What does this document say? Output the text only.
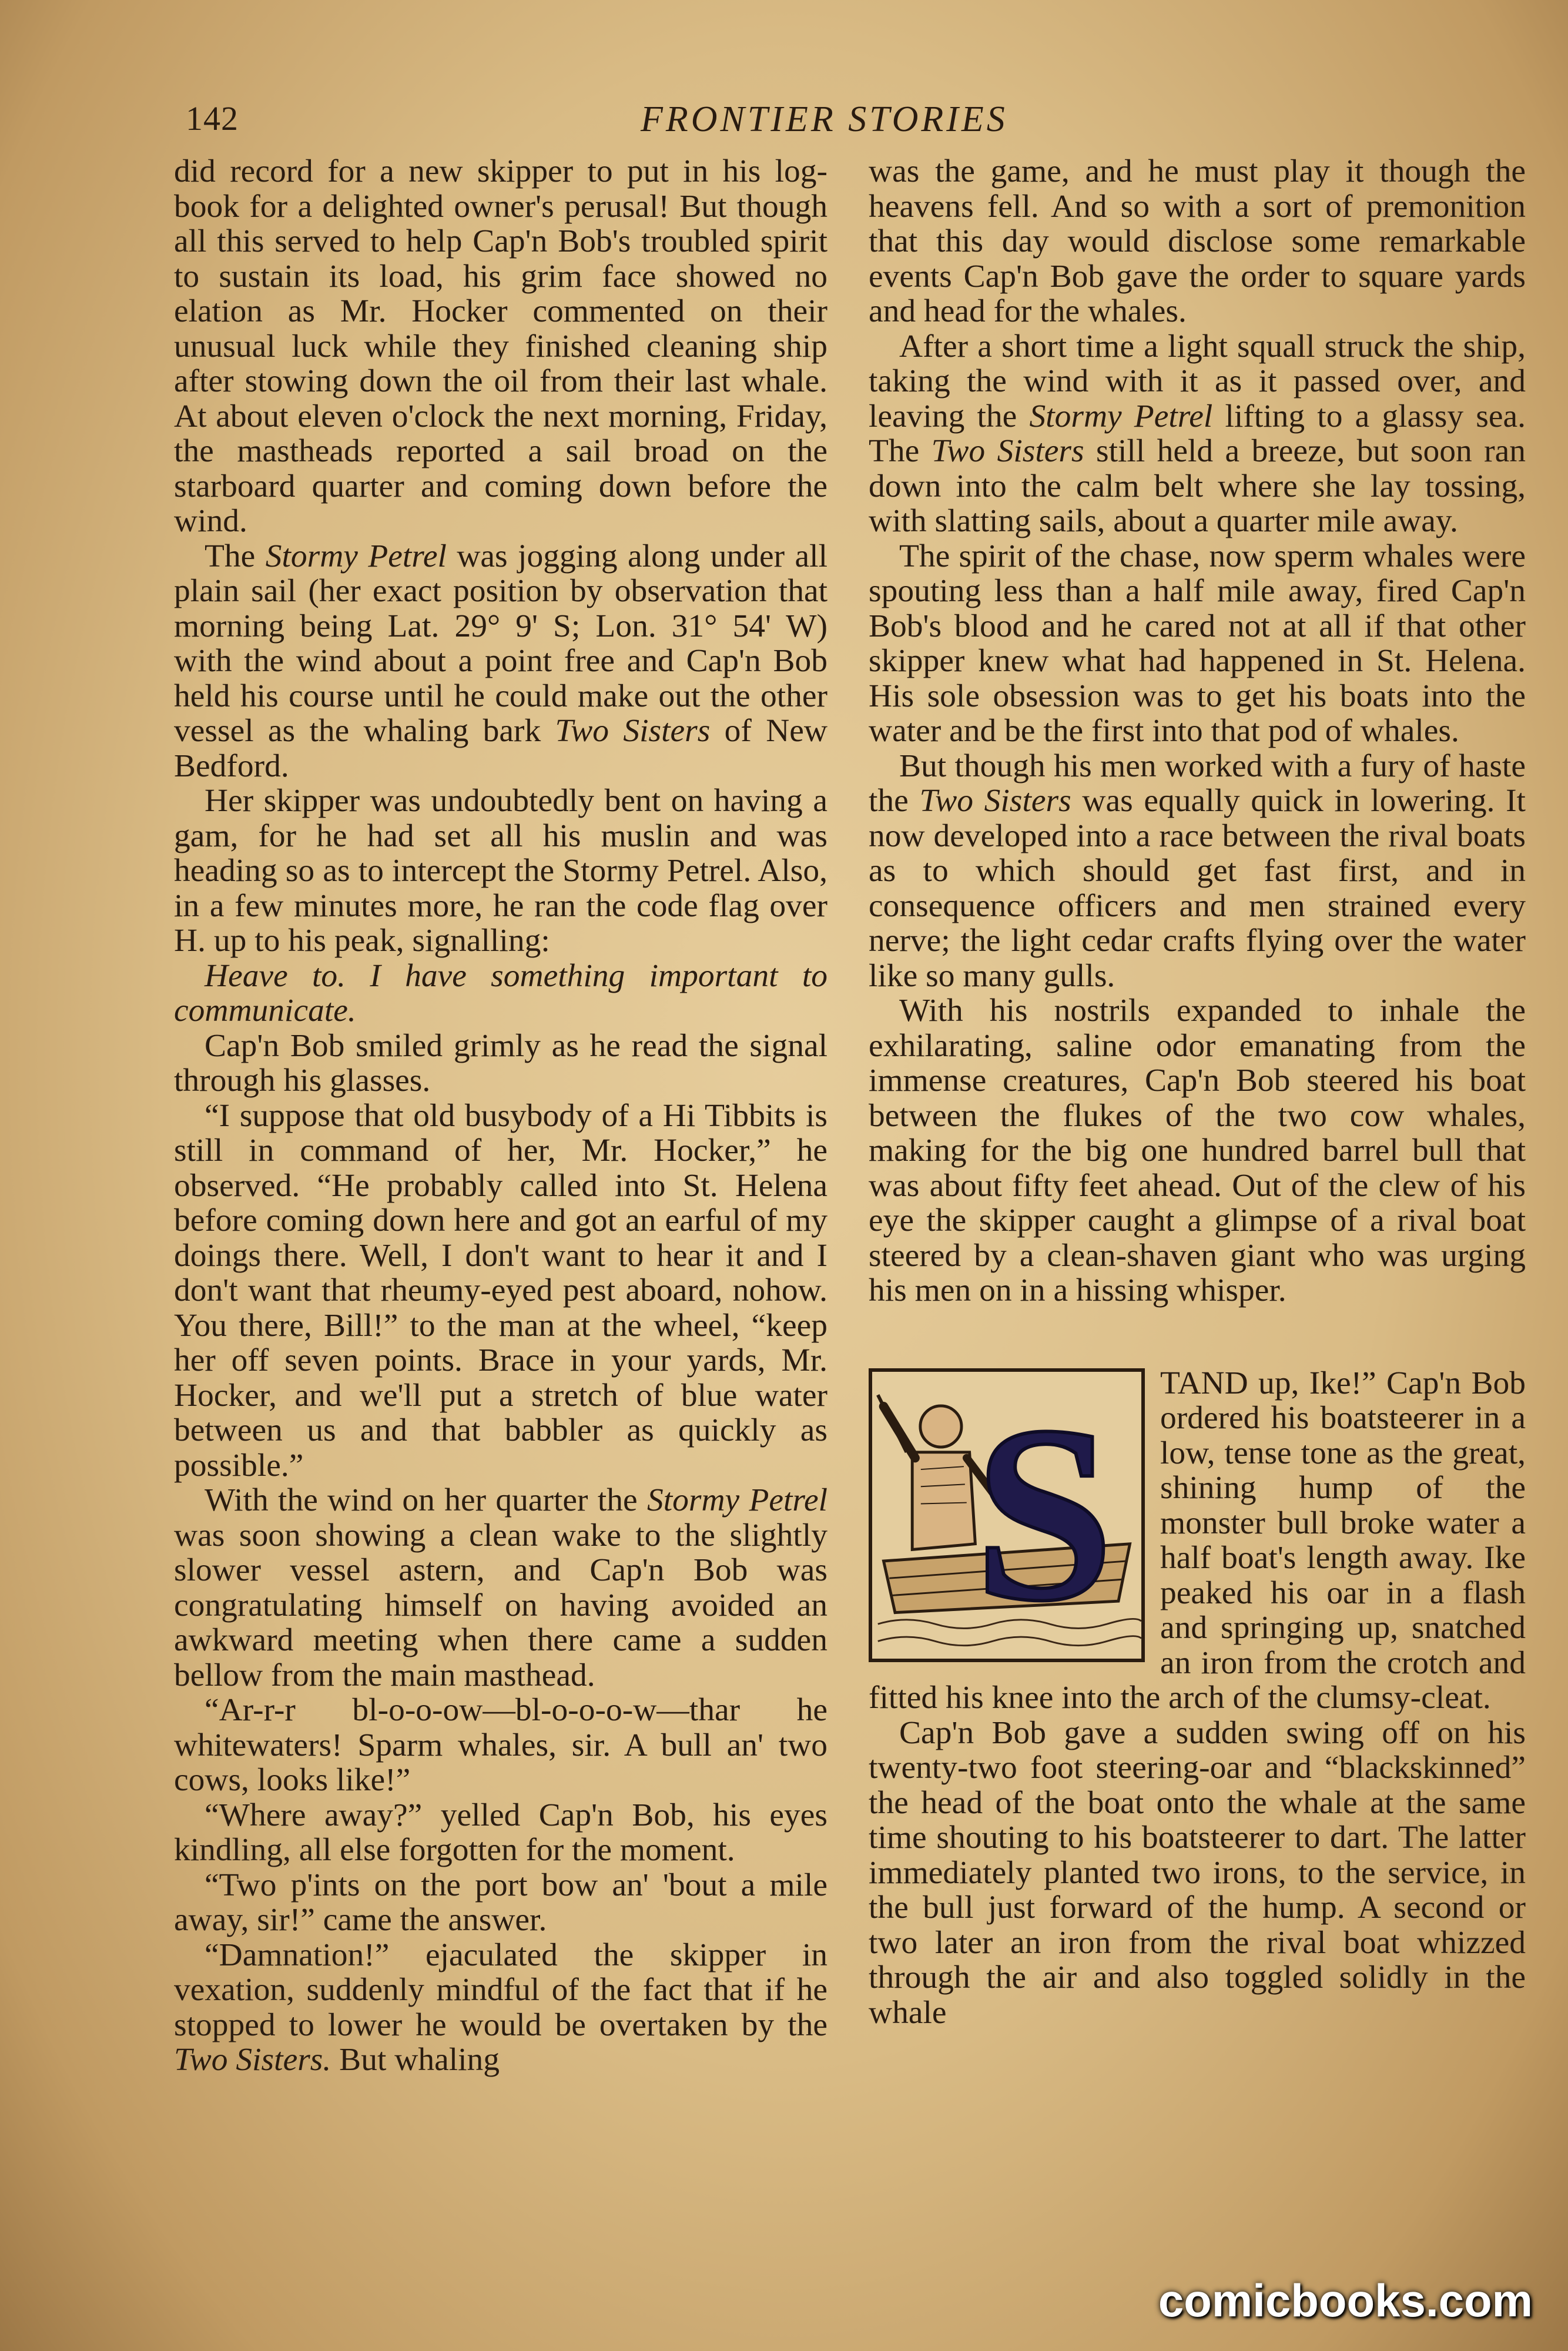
142	FRONTIER STORIES

did record for a new skipper to put in his log-book for a delighted owner's perusal! But though all this served to help Cap'n Bob's troubled spirit to sustain its load, his grim face showed no elation as Mr. Hocker commented on their unusual luck while they finished cleaning ship after stowing down the oil from their last whale. At about eleven o'clock the next morning, Friday, the mastheads reported a sail broad on the starboard quarter and coming down before the wind.

The Stormy Petrel was jogging along under all plain sail (her exact position by observation that morning being Lat. 29° 9' S; Lon. 31° 54' W) with the wind about a point free and Cap'n Bob held his course until he could make out the other vessel as the whaling bark Two Sisters of New Bedford.

Her skipper was undoubtedly bent on having a gam, for he had set all his muslin and was heading so as to intercept the Stormy Petrel. Also, in a few minutes more, he ran the code flag over H. up to his peak, signalling:

Heave to. I have something important to communicate.

Cap'n Bob smiled grimly as he read the signal through his glasses.

“I suppose that old busybody of a Hi Tibbits is still in command of her, Mr. Hocker,” he observed. “He probably called into St. Helena before coming down here and got an earful of my doings there. Well, I don't want to hear it and I don't want that rheumy-eyed pest aboard, nohow. You there, Bill!” to the man at the wheel, “keep her off seven points. Brace in your yards, Mr. Hocker, and we'll put a stretch of blue water between us and that babbler as quickly as possible.”

With the wind on her quarter the Stormy Petrel was soon showing a clean wake to the slightly slower vessel astern, and Cap'n Bob was congratulating himself on having avoided an awkward meeting when there came a sudden bellow from the main masthead.

“Ar-r-r bl-o-o-ow—bl-o-o-o-w—thar he whitewaters! Sparm whales, sir. A bull an' two cows, looks like!”

“Where away?” yelled Cap'n Bob, his eyes kindling, all else forgotten for the moment.

“Two p'ints on the port bow an' 'bout a mile away, sir!” came the answer.

“Damnation!” ejaculated the skipper in vexation, suddenly mindful of the fact that if he stopped to lower he would be overtaken by the Two Sisters. But whaling

was the game, and he must play it though the heavens fell. And so with a sort of premonition that this day would disclose some remarkable events Cap'n Bob gave the order to square yards and head for the whales.

After a short time a light squall struck the ship, taking the wind with it as it passed over, and leaving the Stormy Petrel lifting to a glassy sea. The Two Sisters still held a breeze, but soon ran down into the calm belt where she lay tossing, with slatting sails, about a quarter mile away.

The spirit of the chase, now sperm whales were spouting less than a half mile away, fired Cap'n Bob's blood and he cared not at all if that other skipper knew what had happened in St. Helena. His sole obsession was to get his boats into the water and be the first into that pod of whales.

But though his men worked with a fury of haste the Two Sisters was equally quick in lowering. It now developed into a race between the rival boats as to which should get fast first, and in consequence officers and men strained every nerve; the light cedar crafts flying over the water like so many gulls.

With his nostrils expanded to inhale the exhilarating, saline odor emanating from the immense creatures, Cap'n Bob steered his boat between the flukes of the two cow whales, making for the big one hundred barrel bull that was about fifty feet ahead. Out of the clew of his eye the skipper caught a glimpse of a rival boat steered by a clean-shaven giant who was urging his men on in a hissing whisper.

S	TAND up, Ike!” Cap'n Bob ordered his boatsteerer in a low, tense tone as the great, shining hump of the monster bull broke water a half boat's length away. Ike peaked his oar in a flash and springing up, snatched an iron from the crotch and fitted his knee into the arch of the clumsy-cleat.

Cap'n Bob gave a sudden swing off on his twenty-two foot steering-oar and “blackskinned” the head of the boat onto the whale at the same time shouting to his boatsteerer to dart. The latter immediately planted two irons, to the service, in the bull just forward of the hump. A second or two later an iron from the rival boat whizzed through the air and also toggled solidly in the whale

comicbooks.com
